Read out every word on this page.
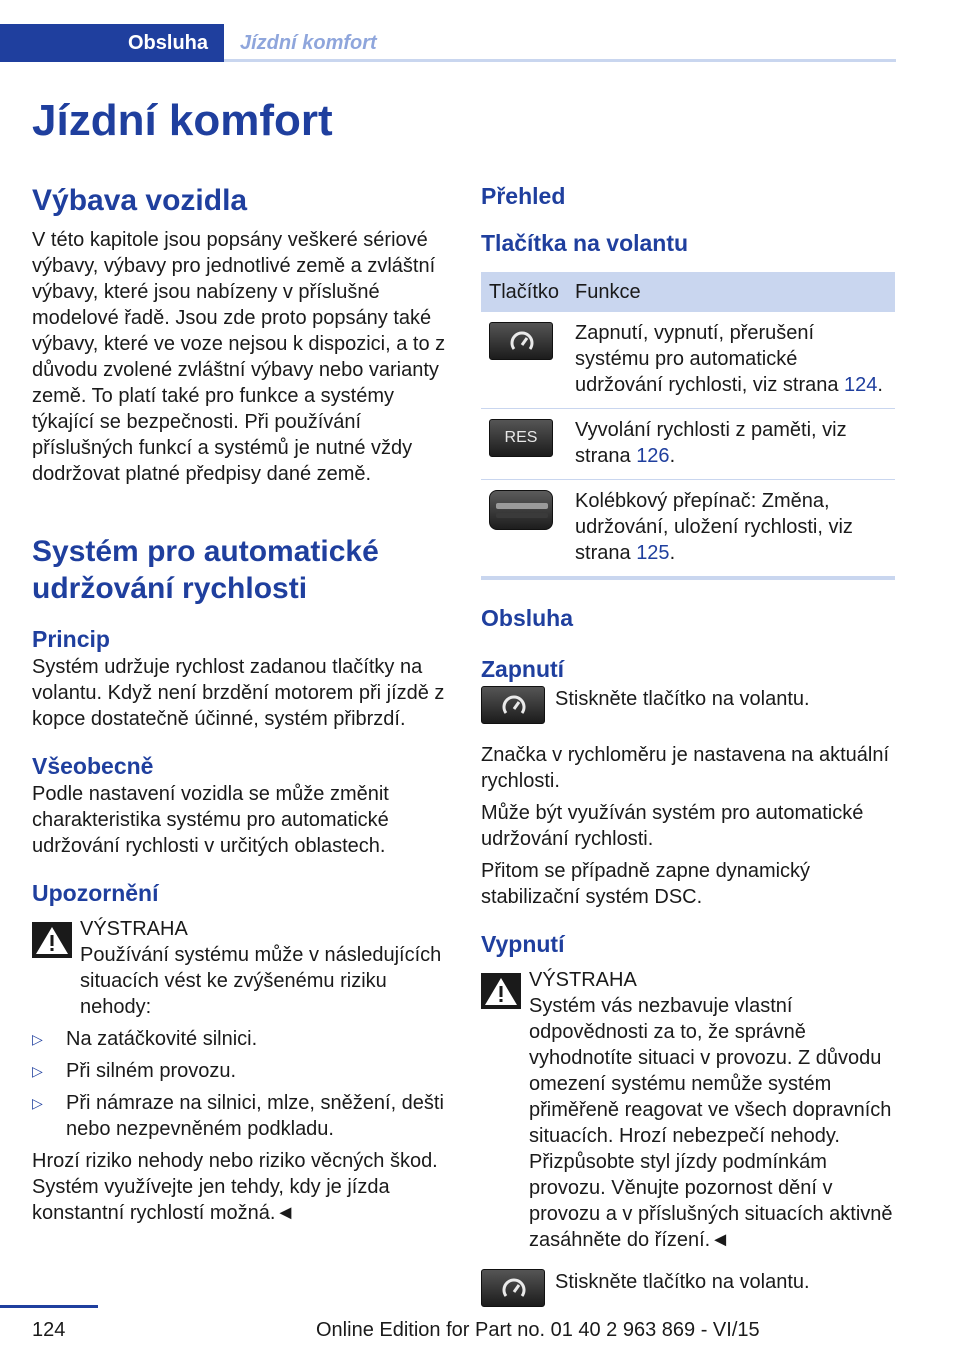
Obsluha	Jízdní komfort
Jízdní komfort
Výbava vozidla

V této kapitole jsou popsány veškeré sériové výbavy, výbavy pro jednotlivé země a zvláštní výbavy, které jsou nabízeny v příslušné modelové řadě. Jsou zde proto popsány také výbavy, které ve voze nejsou k dispozici, a to z důvodu zvolené zvláštní výbavy nebo varianty země. To platí také pro funkce a systémy týkající se bezpečnosti. Při používání příslušných funkcí a systémů je nutné vždy dodržovat platné předpisy dané země.

Systém pro automatické udržování rychlosti
Princip

Systém udržuje rychlost zadanou tlačítky na volantu. Když není brzdění motorem při jízdě z kopce dostatečně účinné, systém přibrzdí.

Všeobecně

Podle nastavení vozidla se může změnit charakteristika systému pro automatické udržování rychlosti v určitých oblastech.

Upozornění
VÝSTRAHA
Používání systému může v následujících situacích vést ke zvýšenému riziku nehody:
▷ Na zatáčkovité silnici.
▷ Při silném provozu.
▷ Při námraze na silnici, mlze, sněžení, dešti nebo nezpevněném podkladu.

Hrozí riziko nehody nebo riziko věcných škod. Systém využívejte jen tehdy, kdy je jízda konstantní rychlostí možná.◄

Přehled
Tlačítka na volantu
Tlačítko	Funkce

	Zapnutí, vypnutí, přerušení systému pro automatické udržování rychlosti, viz strana 124.

RES	Vyvolání rychlosti z paměti, viz strana 126.

	Kolébkový přepínač: Změna, udržování, uložení rychlosti, viz strana 125.
Obsluha
Zapnutí
Stiskněte tlačítko na volantu.

Značka v rychloměru je nastavena na aktuální rychlosti.

Může být využíván systém pro automatické udržování rychlosti.

Přitom se případně zapne dynamický stabilizační systém DSC.

Vypnutí
VÝSTRAHA
Systém vás nezbavuje vlastní odpovědnosti za to, že správně vyhodnotíte situaci v provozu. Z důvodu omezení systému nemůže systém přiměřeně reagovat ve všech dopravních situacích. Hrozí nebezpečí nehody. Přizpůsobte styl jízdy podmínkám provozu. Věnujte pozornost dění v provozu a v příslušných situacích aktivně zasáhněte do řízení.◄
Stiskněte tlačítko na volantu.
124	Online Edition for Part no. 01 40 2 963 869 - VI/15
